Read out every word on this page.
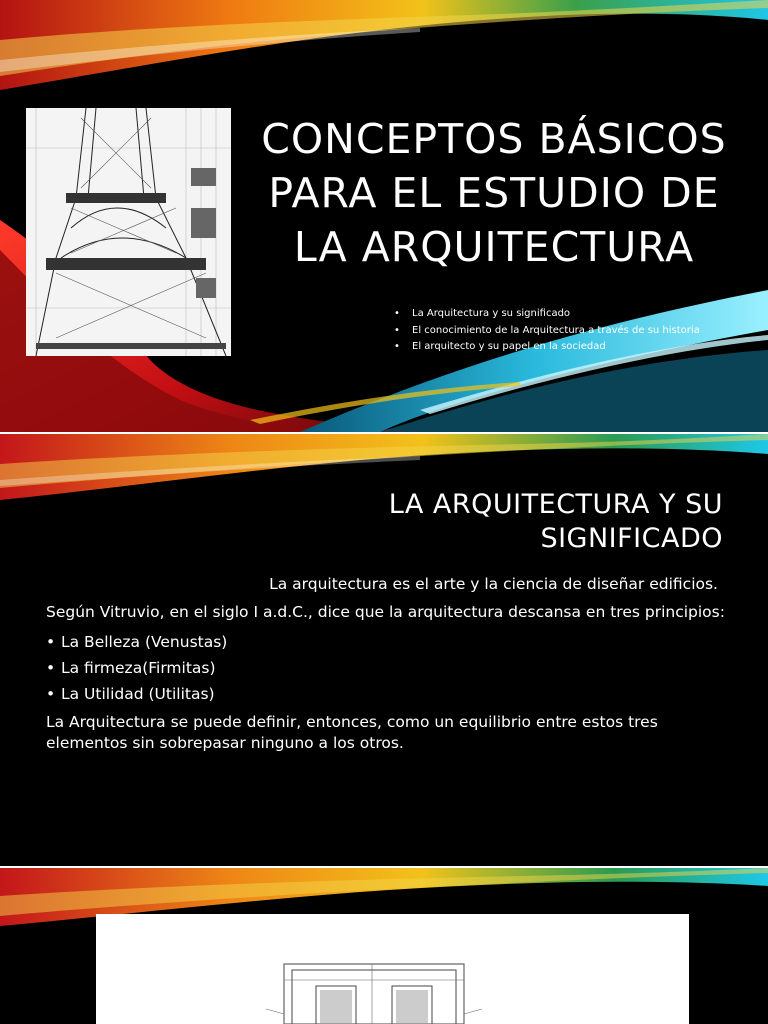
CONCEPTOS BÁSICOS PARA EL ESTUDIO DE LA ARQUITECTURA
• La Arquitectura y su significado
• El conocimiento de la Arquitectura a través de su historia
• El arquitecto y su papel en la sociedad
LA ARQUITECTURA Y SU SIGNIFICADO

La arquitectura es el arte y la ciencia de diseñar edificios.

Según Vitruvio, en el siglo I a.d.C., dice que la arquitectura descansa en tres principios:

• La Belleza (Venustas)
• La firmeza(Firmitas)
• La Utilidad (Utilitas)

La Arquitectura se puede definir, entonces, como un equilibrio entre estos tres elementos sin sobrepasar ninguno a los otros.
